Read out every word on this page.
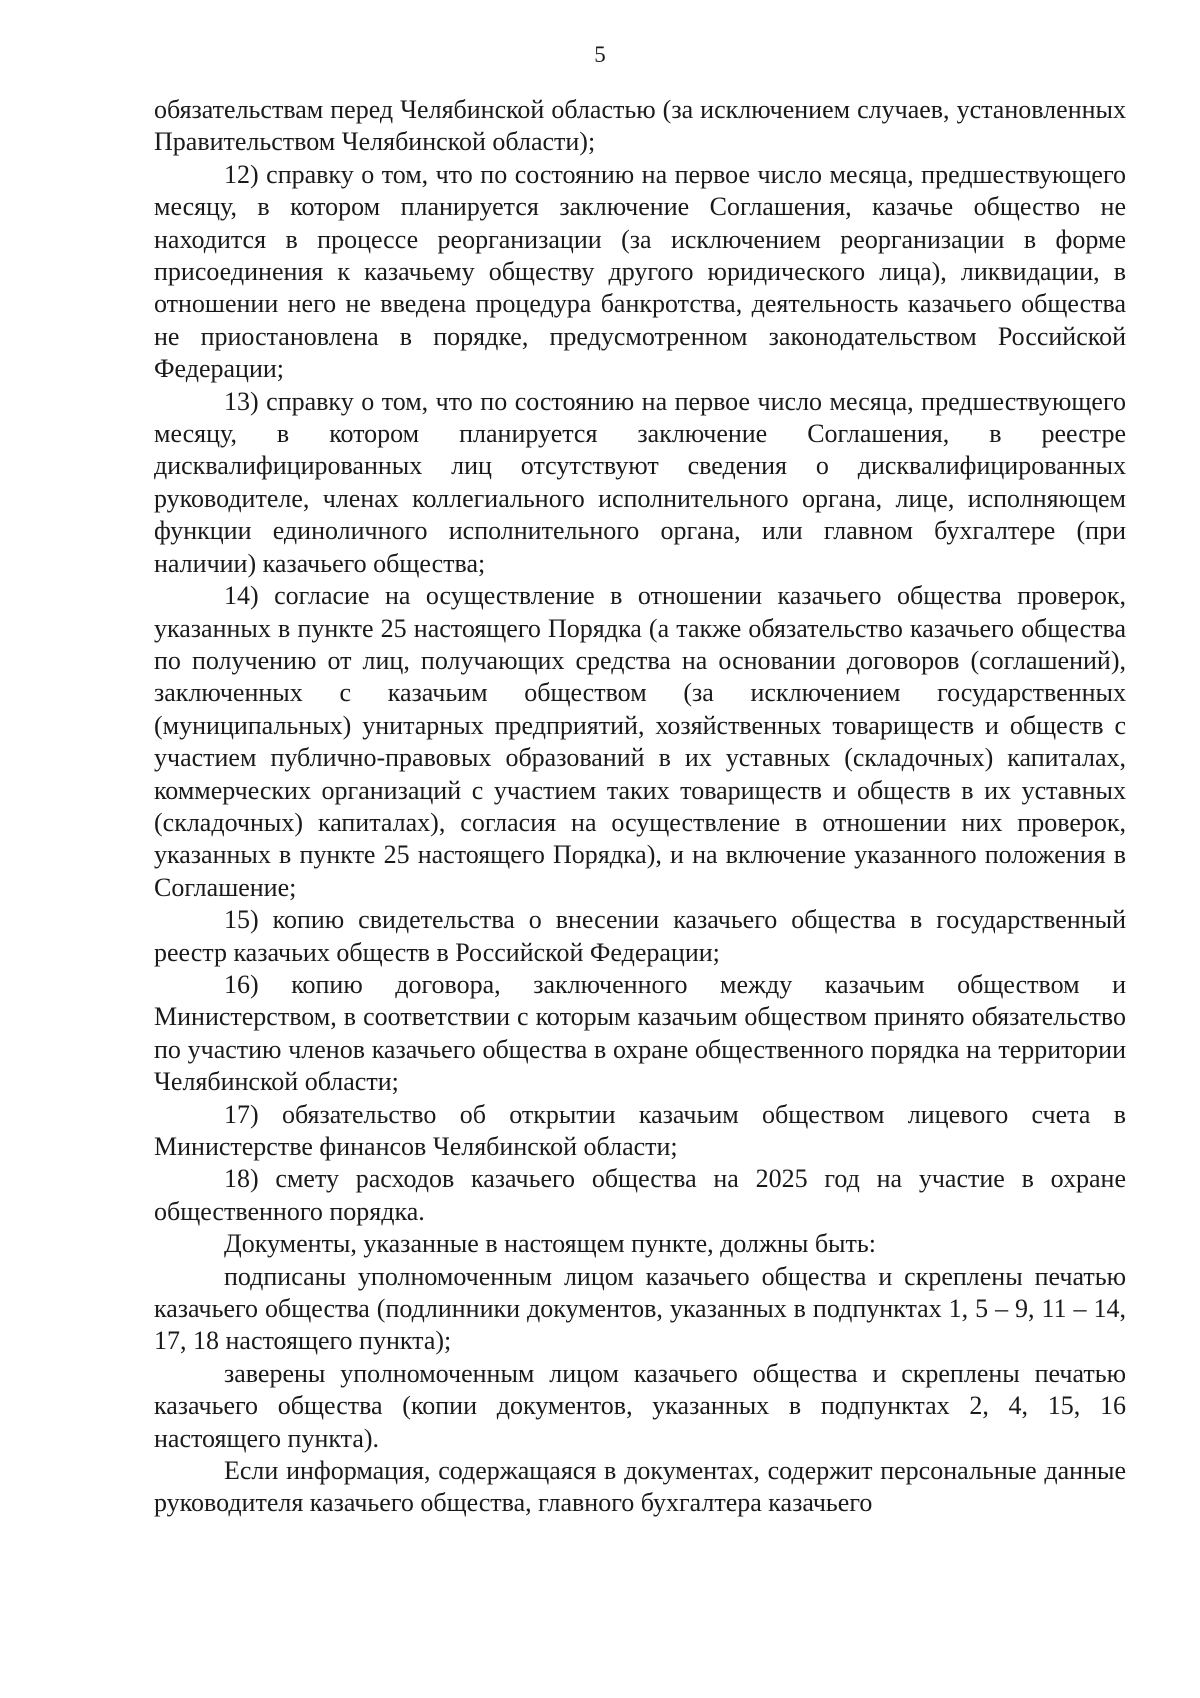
5

обязательствам перед Челябинской областью (за исключением случаев, установленных Правительством Челябинской области);

12) справку о том, что по состоянию на первое число месяца, предшествующего месяцу, в котором планируется заключение Соглашения, казачье общество не находится в процессе реорганизации (за исключением реорганизации в форме присоединения к казачьему обществу другого юридического лица), ликвидации, в отношении него не введена процедура банкротства, деятельность казачьего общества не приостановлена в порядке, предусмотренном законодательством Российской Федерации;

13) справку о том, что по состоянию на первое число месяца, предшествующего месяцу, в котором планируется заключение Соглашения, в реестре дисквалифицированных лиц отсутствуют сведения о дисквалифицированных руководителе, членах коллегиального исполнительного органа, лице, исполняющем функции единоличного исполнительного органа, или главном бухгалтере (при наличии) казачьего общества;

14) согласие на осуществление в отношении казачьего общества проверок, указанных в пункте 25 настоящего Порядка (а также обязательство казачьего общества по получению от лиц, получающих средства на основании договоров (соглашений), заключенных с казачьим обществом (за исключением государственных (муниципальных) унитарных предприятий, хозяйственных товариществ и обществ с участием публично-правовых образований в их уставных (складочных) капиталах, коммерческих организаций с участием таких товариществ и обществ в их уставных (складочных) капиталах), согласия на осуществление в отношении них проверок, указанных в пункте 25 настоящего Порядка), и на включение указанного положения в Соглашение;

15) копию свидетельства о внесении казачьего общества в государственный реестр казачьих обществ в Российской Федерации;

16) копию договора, заключенного между казачьим обществом и Министерством, в соответствии с которым казачьим обществом принято обязательство по участию членов казачьего общества в охране общественного порядка на территории Челябинской области;

17) обязательство об открытии казачьим обществом лицевого счета в Министерстве финансов Челябинской области;

18) смету расходов казачьего общества на 2025 год на участие в охране общественного порядка.

Документы, указанные в настоящем пункте, должны быть:

подписаны уполномоченным лицом казачьего общества и скреплены печатью казачьего общества (подлинники документов, указанных в подпунктах 1, 5 – 9, 11 – 14, 17, 18 настоящего пункта);

заверены уполномоченным лицом казачьего общества и скреплены печатью казачьего общества (копии документов, указанных в подпунктах 2, 4, 15, 16 настоящего пункта).

Если информация, содержащаяся в документах, содержит персональные данные руководителя казачьего общества, главного бухгалтера казачьего
